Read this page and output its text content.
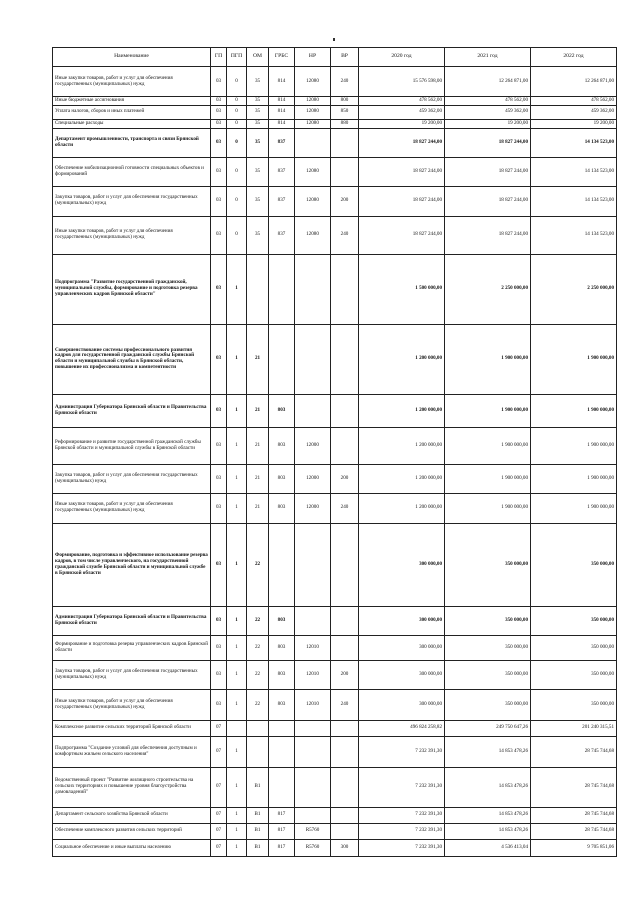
Наименование	ГП	ПГП	ОМ	ГРБС	НР	ВР	2020 год	2021 год	2022 год
Иные закупки товаров, работ и услуг для обеспечения государственных (муниципальных) нужд	03	0	35	814	12080	240	15 576 598,00	12 264 871,00	12 264 871,00
Иные бюджетные ассигнования	03	0	35	814	12080	800	478 562,00	478 562,00	478 562,00
Уплата налогов, сборов и иных платежей	03	0	35	814	12080	850	459 362,00	459 362,00	459 362,00
Специальные расходы	03	0	35	814	12080	880	19 200,00	19 200,00	19 200,00
Департамент промышленности, транспорта и связи Брянской области	03	0	35	837			18 827 244,00	18 827 244,00	14 134 523,00
Обеспечение мобилизационной готовности специальных объектов и формирований	03	0	35	837	12080		18 827 244,00	18 827 244,00	14 134 523,00
Закупка товаров, работ и услуг для обеспечения государственных (муниципальных) нужд	03	0	35	837	12080	200	18 827 244,00	18 827 244,00	14 134 523,00
Иные закупки товаров, работ и услуг для обеспечения государственных (муниципальных) нужд	03	0	35	837	12080	240	18 827 244,00	18 827 244,00	14 134 523,00
Подпрограмма "Развитие государственной гражданской, муниципальной службы, формирование и подготовка резерва управленческих кадров Брянской области"	03	1					1 500 000,00	2 250 000,00	2 250 000,00
Совершенствование системы профессионального развития кадров для государственной гражданской службы Брянской области и муниципальной службы в Брянской области, повышение их профессионализма и компетентности	03	1	21				1 200 000,00	1 900 000,00	1 900 000,00
Администрация Губернатора Брянской области и Правительства Брянской области	03	1	21	803			1 200 000,00	1 900 000,00	1 900 000,00
Реформирование и развитие государственной гражданской службы Брянской области и муниципальной службы в Брянской области	03	1	21	803	12000		1 200 000,00	1 900 000,00	1 900 000,00
Закупка товаров, работ и услуг для обеспечения государственных (муниципальных) нужд	03	1	21	803	12000	200	1 200 000,00	1 900 000,00	1 900 000,00
Иные закупки товаров, работ и услуг для обеспечения государственных (муниципальных) нужд	03	1	21	803	12000	240	1 200 000,00	1 900 000,00	1 900 000,00
Формирование, подготовка и эффективное использование резерва кадров, в том числе управленческого, на государственной гражданской службе Брянской области и муниципальной службе в Брянской области	03	1	22				300 000,00	350 000,00	350 000,00
Администрация Губернатора Брянской области и Правительства Брянской области	03	1	22	803			300 000,00	350 000,00	350 000,00
Формирование и подготовка резерва управленческих кадров Брянской области	03	1	22	803	12010		300 000,00	350 000,00	350 000,00
Закупка товаров, работ и услуг для обеспечения государственных (муниципальных) нужд	03	1	22	803	12010	200	300 000,00	350 000,00	350 000,00
Иные закупки товаров, работ и услуг для обеспечения государственных (муниципальных) нужд	03	1	22	803	12010	240	300 000,00	350 000,00	350 000,00
Комплексное развитие сельских территорий Брянской области	07						496 824 258,82	249 750 647,26	201 240 315,51
Подпрограмма "Создание условий для обеспечения доступным и комфортным жильем сельского населения"	07	1					7 232 391,30	14 853 478,26	28 745 744,68
Ведомственный проект "Развитие жилищного строительства на сельских территориях и повышение уровня благоустройства домовладений"	07	1	В1				7 232 391,30	14 853 478,26	28 745 744,68
Департамент сельского хозяйства Брянской области	07	1	В1	817			7 232 391,30	14 853 478,26	28 745 744,68
Обеспечение комплексного развития сельских территорий	07	1	В1	817	R5760		7 232 391,30	14 853 478,26	28 745 744,68
Социальное обеспечение и иные выплаты населению	07	1	В1	817	R5760	300	7 232 391,30	4 536 413,04	9 705 851,06
